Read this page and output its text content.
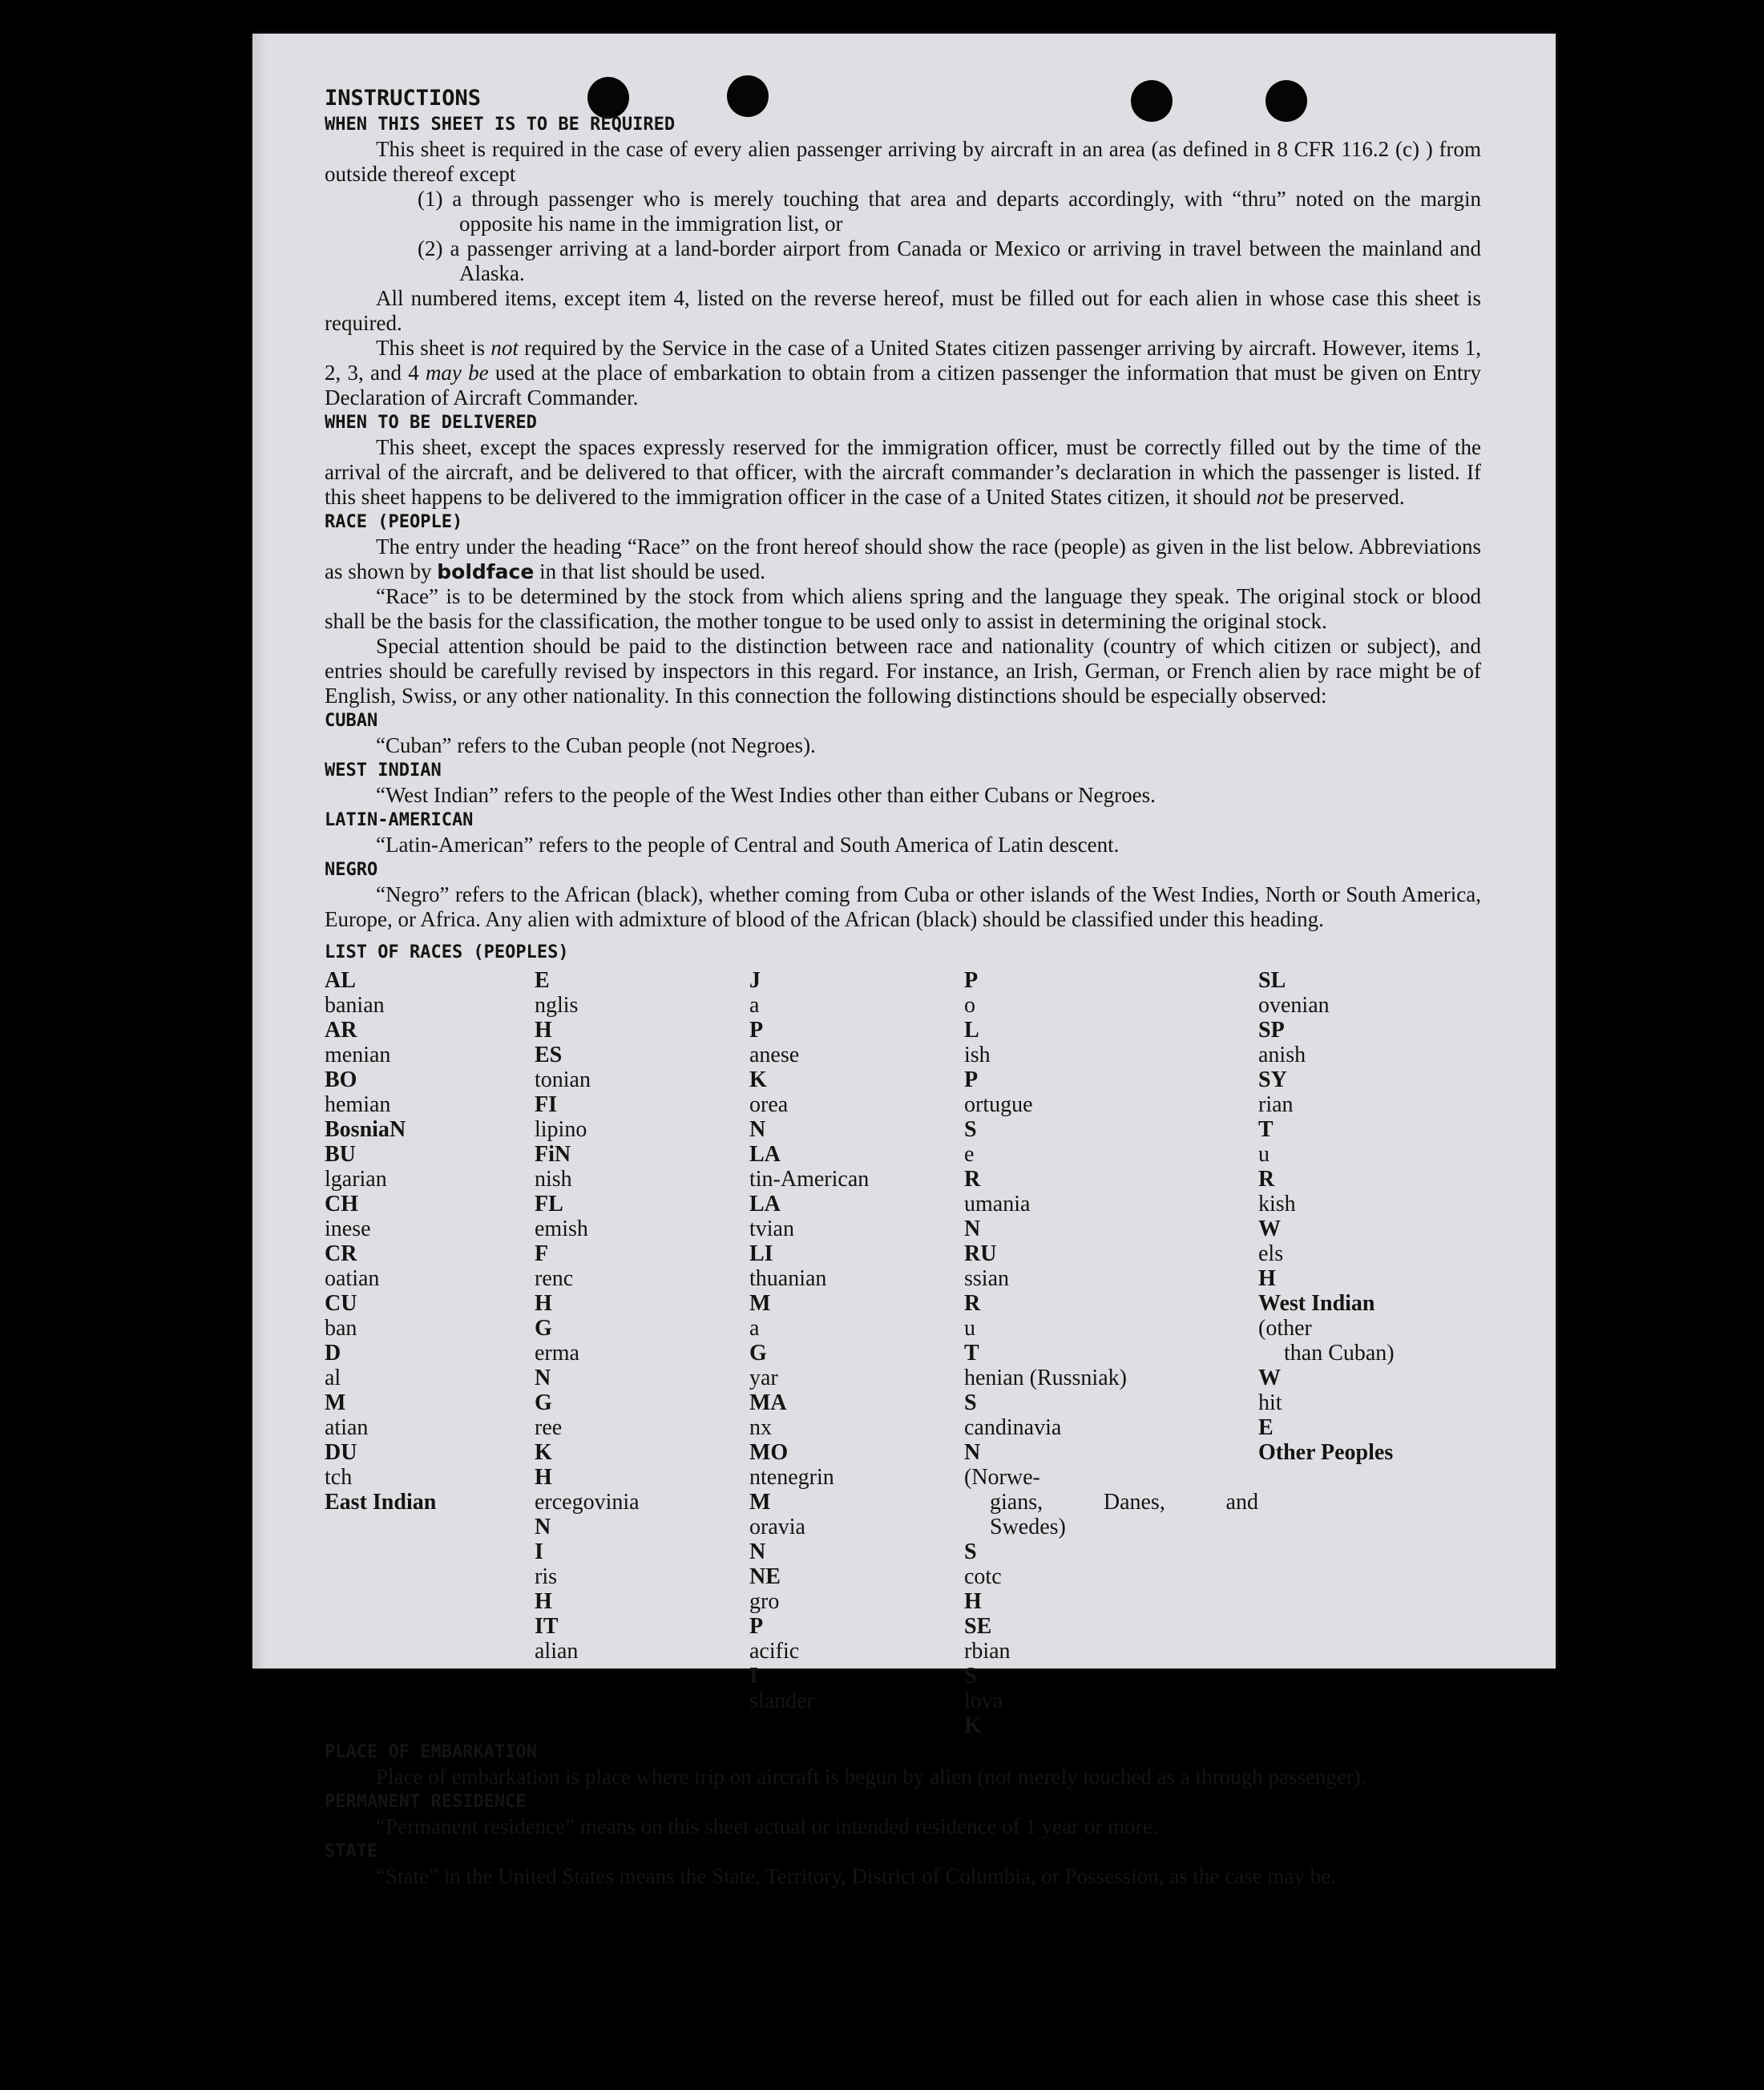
INSTRUCTIONS

WHEN THIS SHEET IS TO BE REQUIRED

This sheet is required in the case of every alien passenger arriving by aircraft in an area (as defined in 8 CFR 116.2 (c) ) from outside thereof except

(1) a through passenger who is merely touching that area and departs accordingly, with “thru” noted on the margin opposite his name in the immigration list, or

(2) a passenger arriving at a land-border airport from Canada or Mexico or arriving in travel between the mainland and Alaska.

All numbered items, except item 4, listed on the reverse hereof, must be filled out for each alien in whose case this sheet is required.

This sheet is not required by the Service in the case of a United States citizen passenger arriving by aircraft. However, items 1, 2, 3, and 4 may be used at the place of embarkation to obtain from a citizen passenger the information that must be given on Entry Declaration of Aircraft Commander.

WHEN TO BE DELIVERED

This sheet, except the spaces expressly reserved for the immigration officer, must be correctly filled out by the time of the arrival of the aircraft, and be delivered to that officer, with the aircraft commander’s declaration in which the passenger is listed. If this sheet happens to be delivered to the immigration officer in the case of a United States citizen, it should not be preserved.

RACE (PEOPLE)

The entry under the heading “Race” on the front hereof should show the race (people) as given in the list below. Abbreviations as shown by boldface in that list should be used.

“Race” is to be determined by the stock from which aliens spring and the language they speak. The original stock or blood shall be the basis for the classification, the mother tongue to be used only to assist in determining the original stock.

Special attention should be paid to the distinction between race and nationality (country of which citizen or subject), and entries should be carefully revised by inspectors in this regard. For instance, an Irish, German, or French alien by race might be of English, Swiss, or any other nationality. In this connection the following distinctions should be especially observed:

CUBAN

“Cuban” refers to the Cuban people (not Negroes).

WEST INDIAN

“West Indian” refers to the people of the West Indies other than either Cubans or Negroes.

LATIN-AMERICAN

“Latin-American” refers to the people of Central and South America of Latin descent.

NEGRO

“Negro” refers to the African (black), whether coming from Cuba or other islands of the West Indies, North or South America, Europe, or Africa. Any alien with admixture of blood of the African (black) should be classified under this heading.

LIST OF RACES (PEOPLES)

AL
banian
AR
menian
BO
hemian
BosniaN
BU
lgarian
CH
inese
CR
oatian
CU
ban
D
al
M
atian
DU
tch
East Indian
E
nglis
H
ES
tonian
FI
lipino
FiN
nish
FL
emish
F
renc
H
G
erma
N
G
ree
K
H
ercegovinia
N
I
ris
H
IT
alian
J
a
P
anese
K
orea
N
LA
tin-American
LA
tvian
LI
thuanian
M
a
G
yar
MA
nx
MO
ntenegrin
M
oravia
N
NE
gro
P
acific
I
slander
P
o
L
ish
P
ortugue
S
e
R
umania
N
RU
ssian
R
u
T
henian (Russniak)
S
candinavia
N
(Norwe-
gians, Danes, and
Swedes)
S
cotc
H
SE
rbian
S
lova
K
SL
ovenian
SP
anish
SY
rian
T
u
R
kish
W
els
H
West Indian
(other
than Cuban)
W
hit
E
Other Peoples

PLACE OF EMBARKATION

Place of embarkation is place where trip on aircraft is begun by alien (not merely touched as a through passenger).

PERMANENT RESIDENCE

“Permanent residence” means on this sheet actual or intended residence of 1 year or more.

STATE

“State” in the United States means the State, Territory, District of Columbia, or Possession, as the case may be.
